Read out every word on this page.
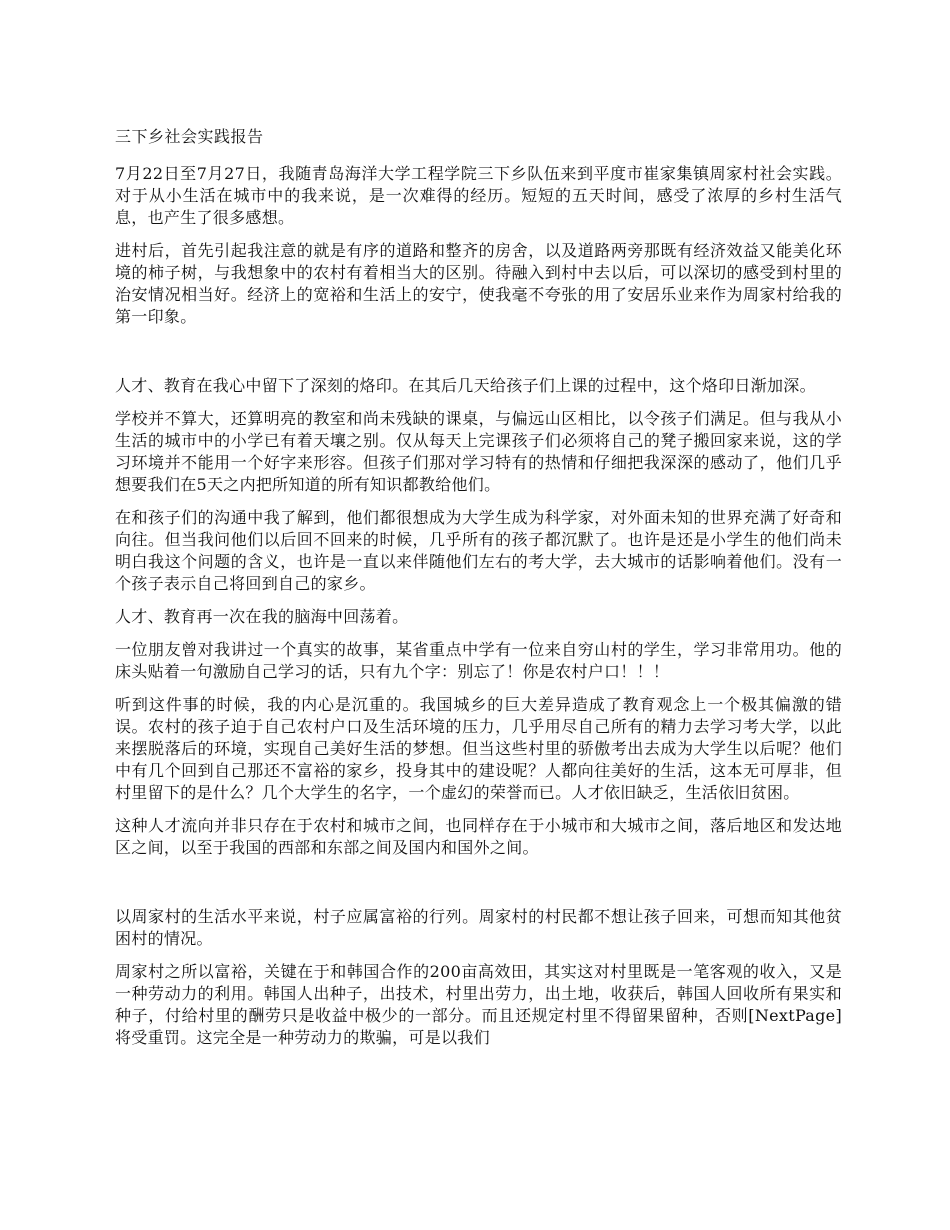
三下乡社会实践报告

7月22日至7月27日，我随青岛海洋大学工程学院三下乡队伍来到平度市崔家集镇周家村社会实践。对于从小生活在城市中的我来说，是一次难得的经历。短短的五天时间，感受了浓厚的乡村生活气息，也产生了很多感想。

进村后，首先引起我注意的就是有序的道路和整齐的房舍，以及道路两旁那既有经济效益又能美化环境的柿子树，与我想象中的农村有着相当大的区别。待融入到村中去以后，可以深切的感受到村里的治安情况相当好。经济上的宽裕和生活上的安宁，使我毫不夸张的用了安居乐业来作为周家村给我的第一印象。

人才、教育在我心中留下了深刻的烙印。在其后几天给孩子们上课的过程中，这个烙印日渐加深。

学校并不算大，还算明亮的教室和尚未残缺的课桌，与偏远山区相比，以令孩子们满足。但与我从小生活的城市中的小学已有着天壤之别。仅从每天上完课孩子们必须将自己的凳子搬回家来说，这的学习环境并不能用一个好字来形容。但孩子们那对学习特有的热情和仔细把我深深的感动了，他们几乎想要我们在5天之内把所知道的所有知识都教给他们。

在和孩子们的沟通中我了解到，他们都很想成为大学生成为科学家，对外面未知的世界充满了好奇和向往。但当我问他们以后回不回来的时候，几乎所有的孩子都沉默了。也许是还是小学生的他们尚未明白我这个问题的含义，也许是一直以来伴随他们左右的考大学，去大城市的话影响着他们。没有一个孩子表示自己将回到自己的家乡。

人才、教育再一次在我的脑海中回荡着。

一位朋友曾对我讲过一个真实的故事，某省重点中学有一位来自穷山村的学生，学习非常用功。他的床头贴着一句激励自己学习的话，只有九个字：别忘了！你是农村户口！！！

听到这件事的时候，我的内心是沉重的。我国城乡的巨大差异造成了教育观念上一个极其偏激的错误。农村的孩子迫于自己农村户口及生活环境的压力，几乎用尽自己所有的精力去学习考大学，以此来摆脱落后的环境，实现自己美好生活的梦想。但当这些村里的骄傲考出去成为大学生以后呢？他们中有几个回到自己那还不富裕的家乡，投身其中的建设呢？人都向往美好的生活，这本无可厚非，但村里留下的是什么？几个大学生的名字，一个虚幻的荣誉而已。人才依旧缺乏，生活依旧贫困。

这种人才流向并非只存在于农村和城市之间，也同样存在于小城市和大城市之间，落后地区和发达地区之间，以至于我国的西部和东部之间及国内和国外之间。

以周家村的生活水平来说，村子应属富裕的行列。周家村的村民都不想让孩子回来，可想而知其他贫困村的情况。

周家村之所以富裕，关键在于和韩国合作的200亩高效田，其实这对村里既是一笔客观的收入，又是一种劳动力的利用。韩国人出种子，出技术，村里出劳力，出土地，收获后，韩国人回收所有果实和种子，付给村里的酬劳只是收益中极少的一部分。而且还规定村里不得留果留种，否则[NextPage]将受重罚。这完全是一种劳动力的欺骗，可是以我们
